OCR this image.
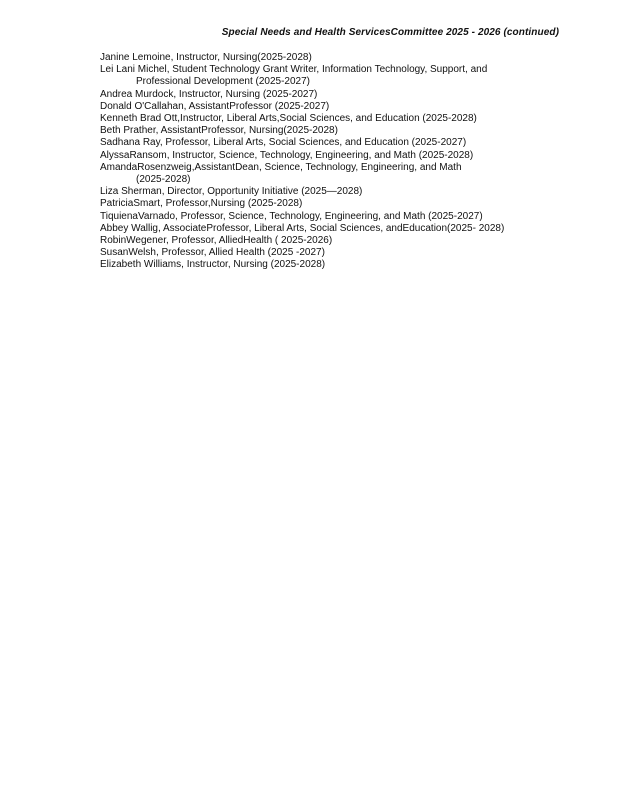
Special Needs and Health ServicesCommittee 2025 - 2026 (continued)
Janine Lemoine, Instructor, Nursing(2025-2028)
Lei Lani Michel, Student Technology Grant Writer, Information Technology, Support, and
Professional Development (2025-2027)
Andrea Murdock, Instructor, Nursing (2025-2027)
Donald O'Callahan, AssistantProfessor (2025-2027)
Kenneth Brad Ott,Instructor, Liberal Arts,Social Sciences, and Education (2025-2028)
Beth Prather, AssistantProfessor, Nursing(2025-2028)
Sadhana Ray, Professor, Liberal Arts, Social Sciences, and Education (2025-2027)
AlyssaRansom, Instructor, Science, Technology, Engineering, and Math (2025-2028)
AmandaRosenzweig,AssistantDean, Science, Technology, Engineering, and Math
(2025-2028)
Liza Sherman, Director, Opportunity Initiative (2025—2028)
PatriciaSmart, Professor,Nursing (2025-2028)
TiquienaVarnado, Professor, Science, Technology, Engineering, and Math (2025-2027)
Abbey Wallig, AssociateProfessor, Liberal Arts, Social Sciences, andEducation(2025- 2028)
RobinWegener, Professor, AlliedHealth ( 2025-2026)
SusanWelsh, Professor, Allied Health (2025 -2027)
Elizabeth Williams, Instructor, Nursing (2025-2028)
